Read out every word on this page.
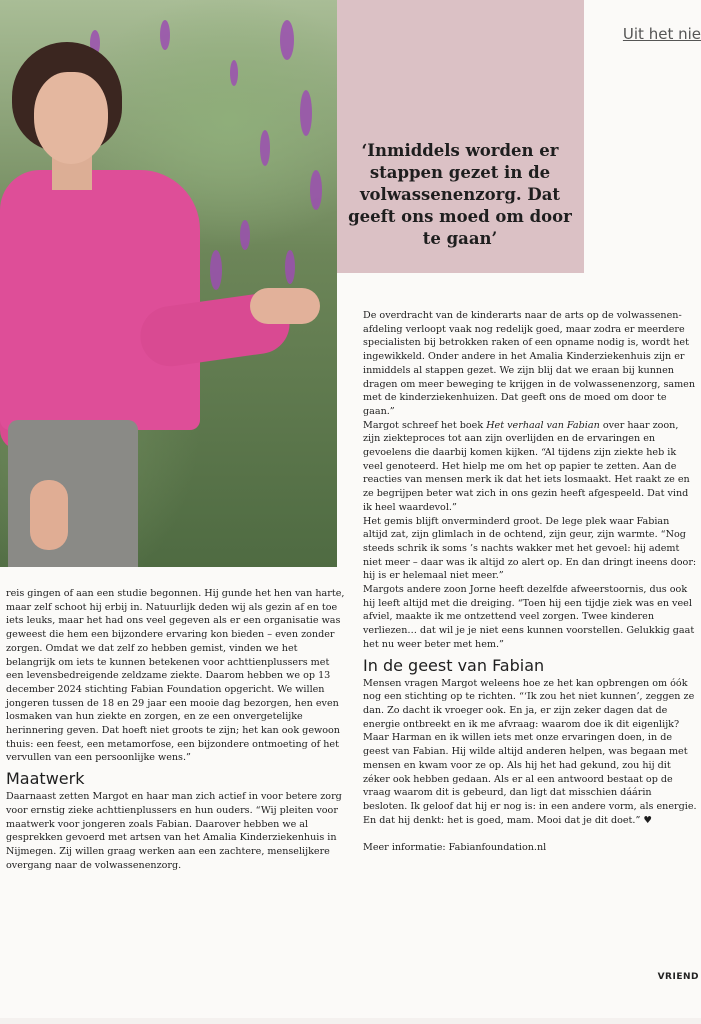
‘Inmiddels worden er stappen gezet in de volwassenenzorg. Dat geeft ons moed om door te gaan’

Uit het nie

De overdracht van de kinderarts naar de arts op de volwassenenafdeling verloopt vaak nog redelijk goed, maar zodra er meerdere specialisten bij betrokken raken of een opname nodig is, wordt het ingewikkeld. Onder andere in het Amalia Kinderziekenhuis zijn er inmiddels al stappen gezet. We zijn blij dat we eraan bij kunnen dragen om meer beweging te krijgen in de volwassenenzorg, samen met de kinderziekenhuizen. Dat geeft ons de moed om door te gaan.”

Margot schreef het boek Het verhaal van Fabian over haar zoon, zijn ziekteproces tot aan zijn overlijden en de ervaringen en gevoelens die daarbij komen kijken. “Al tijdens zijn ziekte heb ik veel genoteerd. Het hielp me om het op papier te zetten. Aan de reacties van mensen merk ik dat het iets losmaakt. Het raakt ze en ze begrijpen beter wat zich in ons gezin heeft afgespeeld. Dat vind ik heel waardevol.”

Het gemis blijft onverminderd groot. De lege plek waar Fabian altijd zat, zijn glimlach in de ochtend, zijn geur, zijn warmte. “Nog steeds schrik ik soms ’s nachts wakker met het gevoel: hij ademt niet meer – daar was ik altijd zo alert op. En dan dringt ineens door: hij is er helemaal niet meer.”

Margots andere zoon Jorne heeft dezelfde afweerstoornis, dus ook hij leeft altijd met die dreiging. “Toen hij een tijdje ziek was en veel afviel, maakte ik me ontzettend veel zorgen. Twee kinderen verliezen… dat wil je je niet eens kunnen voorstellen. Gelukkig gaat het nu weer beter met hem.”

In de geest van Fabian

Mensen vragen Margot weleens hoe ze het kan opbrengen om óók nog een stichting op te richten. “‘Ik zou het niet kunnen’, zeggen ze dan. Zo dacht ik vroeger ook. En ja, er zijn zeker dagen dat de energie ontbreekt en ik me afvraag: waarom doe ik dit eigenlijk? Maar Harman en ik willen iets met onze ervaringen doen, in de geest van Fabian. Hij wilde altijd anderen helpen, was begaan met mensen en kwam voor ze op. Als hij het had gekund, zou hij dit zéker ook hebben gedaan. Als er al een antwoord bestaat op de vraag waarom dit is gebeurd, dan ligt dat misschien dáárin besloten. Ik geloof dat hij er nog is: in een andere vorm, als energie. En dat hij denkt: het is goed, mam. Mooi dat je dit doet.” ♥

Meer informatie: Fabianfoundation.nl

reis gingen of aan een studie begonnen. Hij gunde het hen van harte, maar zelf schoot hij erbij in. Natuurlijk deden wij als gezin af en toe iets leuks, maar het had ons veel gegeven als er een organisatie was geweest die hem een bijzondere ervaring kon bieden – even zonder zorgen. Omdat we dat zelf zo hebben gemist, vinden we het belangrijk om iets te kunnen betekenen voor achttienplussers met een levensbedreigende zeldzame ziekte. Daarom hebben we op 13 december 2024 stichting Fabian Foundation opgericht. We willen jongeren tussen de 18 en 29 jaar een mooie dag bezorgen, hen even losmaken van hun ziekte en zorgen, en ze een onvergetelijke herinnering geven. Dat hoeft niet groots te zijn; het kan ook gewoon thuis: een feest, een metamorfose, een bijzondere ontmoeting of het vervullen van een persoonlijke wens.”

Maatwerk

Daarnaast zetten Margot en haar man zich actief in voor betere zorg voor ernstig zieke achttienplussers en hun ouders. “Wij pleiten voor maatwerk voor jongeren zoals Fabian. Daarover hebben we al gesprekken gevoerd met artsen van het Amalia Kinderziekenhuis in Nijmegen. Zij willen graag werken aan een zachtere, menselijkere overgang naar de volwassenenzorg.

VRIEND
